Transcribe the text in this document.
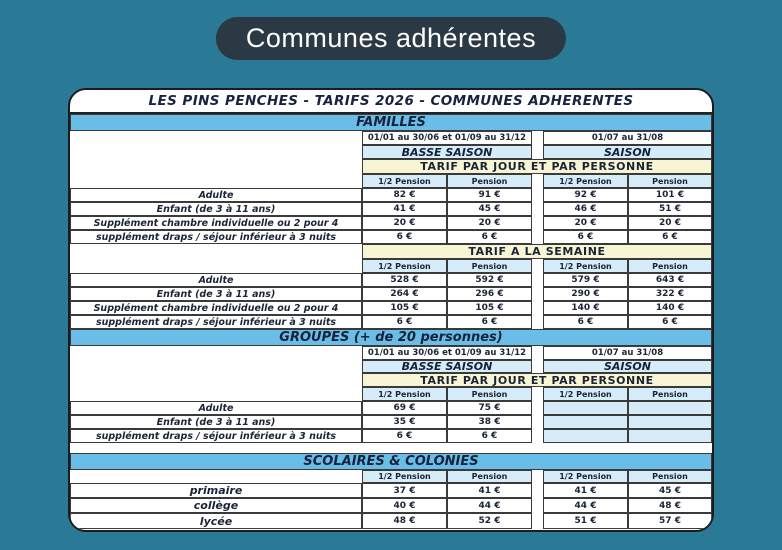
Communes adhérentes
LES PINS PENCHES - TARIFS 2026 - COMMUNES ADHERENTES
FAMILLES
01/01 au 30/06 et 01/09 au 31/12	01/07 au 31/08
BASSE SAISON	SAISON
TARIF PAR JOUR ET PAR PERSONNE
1/2 Pension	Pension	1/2 Pension	Pension
Adulte	82 €	91 €	92 €	101 €
Enfant (de 3 à 11 ans)	41 €	45 €	46 €	51 €
Supplément chambre individuelle ou 2 pour 4	20 €	20 €	20 €	20 €
supplément draps / séjour inférieur à 3 nuits	6 €	6 €	6 €	6 €
TARIF A LA SEMAINE
1/2 Pension	Pension	1/2 Pension	Pension
Adulte	528 €	592 €	579 €	643 €
Enfant (de 3 à 11 ans)	264 €	296 €	290 €	322 €
Supplément chambre individuelle ou 2 pour 4	105 €	105 €	140 €	140 €
supplément draps / séjour inférieur à 3 nuits	6 €	6 €	6 €	6 €
GROUPES (+ de 20 personnes)
01/01 au 30/06 et 01/09 au 31/12	01/07 au 31/08
BASSE SAISON	SAISON
TARIF PAR JOUR ET PAR PERSONNE
1/2 Pension	Pension	1/2 Pension	Pension
Adulte	69 €	75 €
Enfant (de 3 à 11 ans)	35 €	38 €
supplément draps / séjour inférieur à 3 nuits	6 €	6 €
SCOLAIRES & COLONIES
1/2 Pension	Pension	1/2 Pension	Pension
primaire	37 €	41 €	41 €	45 €
collège	40 €	44 €	44 €	48 €
lycée	48 €	52 €	51 €	57 €
